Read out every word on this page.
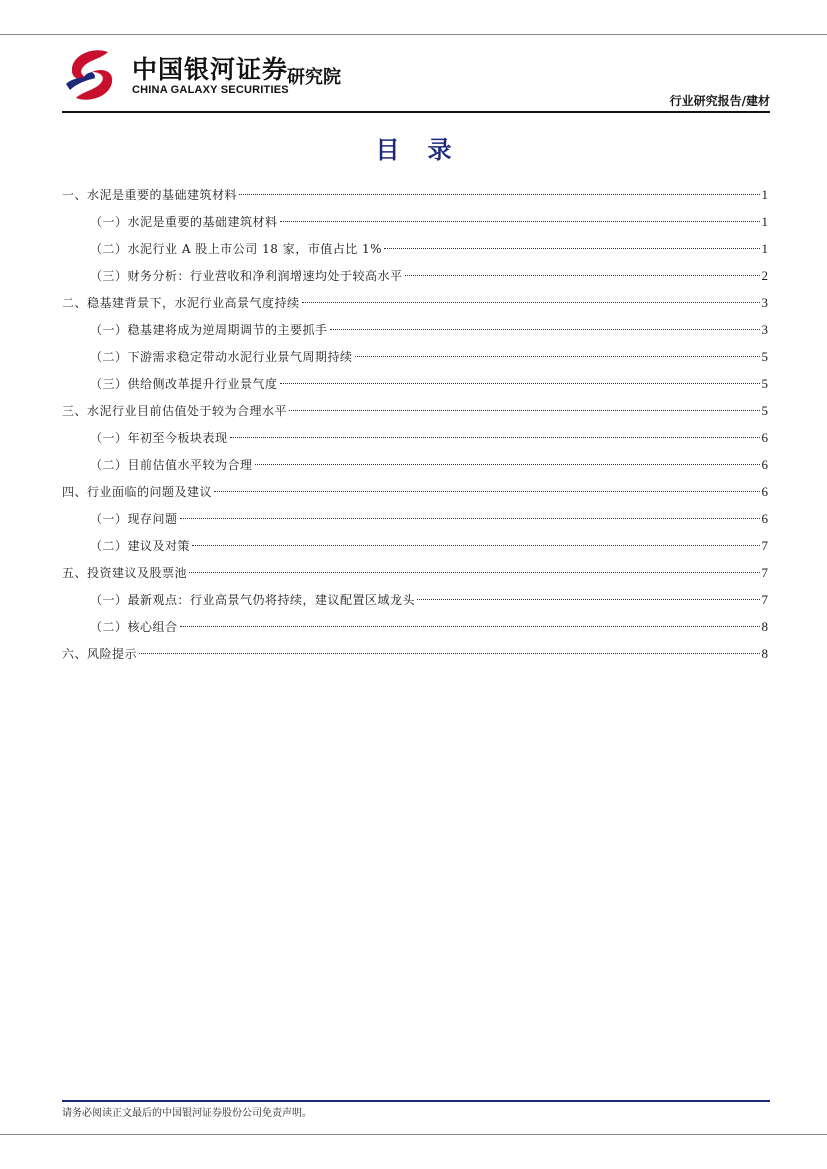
中国银河证券
CHINA GALAXY SECURITIES
研究院
行业研究报告/建材
目录
一、水泥是重要的基础建筑材料	1
（一）水泥是重要的基础建筑材料	1
（二）水泥行业 A 股上市公司 18 家，市值占比 1%	1
（三）财务分析：行业营收和净利润增速均处于较高水平	2
二、稳基建背景下，水泥行业高景气度持续	3
（一）稳基建将成为逆周期调节的主要抓手	3
（二）下游需求稳定带动水泥行业景气周期持续	5
（三）供给侧改革提升行业景气度	5
三、水泥行业目前估值处于较为合理水平	5
（一）年初至今板块表现	6
（二）目前估值水平较为合理	6
四、行业面临的问题及建议	6
（一）现存问题	6
（二）建议及对策	7
五、投资建议及股票池	7
（一）最新观点：行业高景气仍将持续，建议配置区域龙头	7
（二）核心组合	8
六、风险提示	8
请务必阅读正文最后的中国银河证券股份公司免责声明。
